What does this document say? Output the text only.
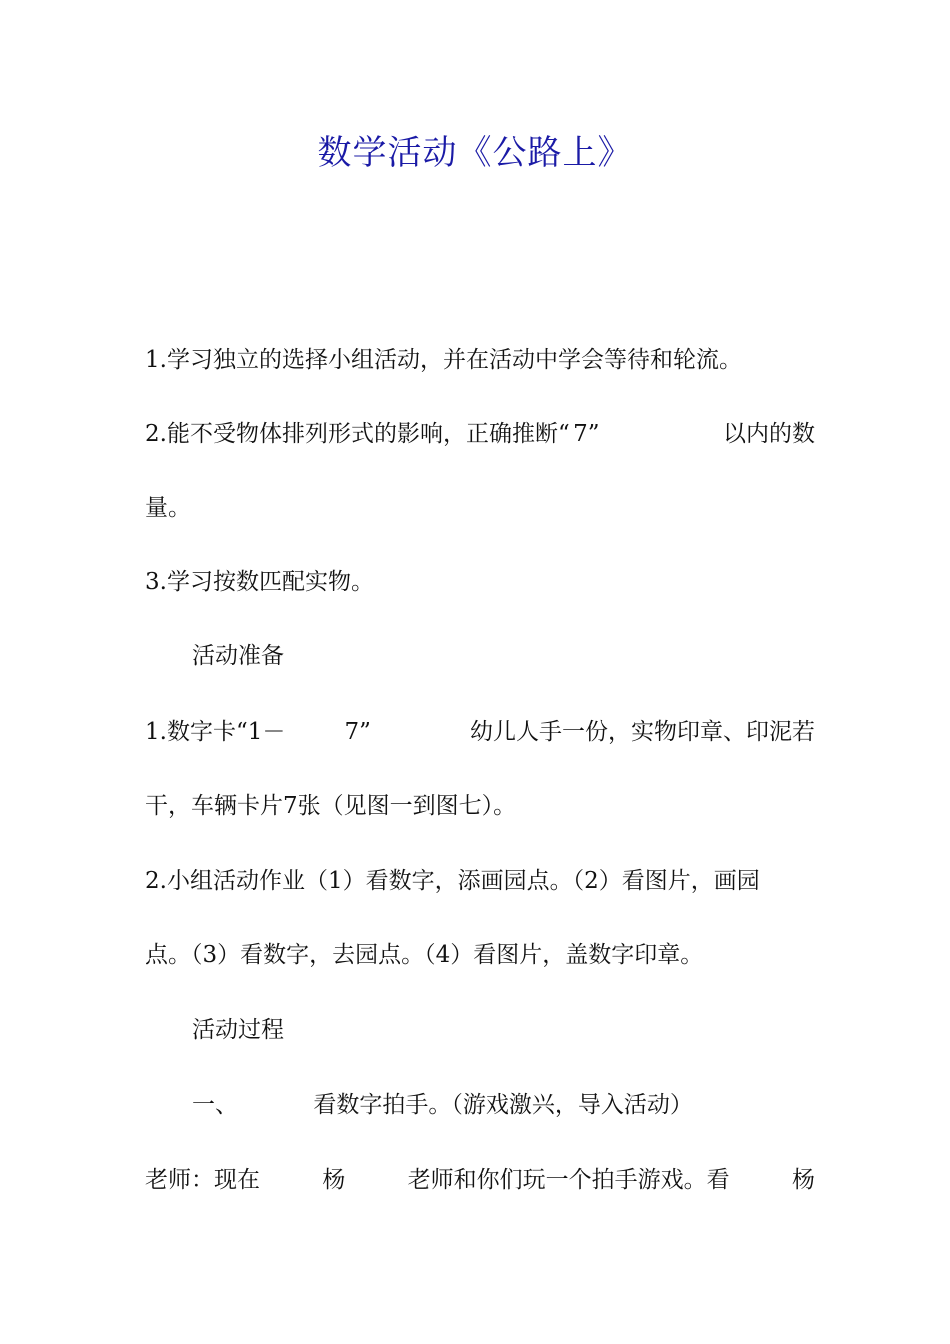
数学活动《公路上》
1.学习独立的选择小组活动，并在活动中学会等待和轮流。
2.能不受物体排列形式的影响，正确推断“ 7”	以内的数
量。
3.学习按数匹配实物。
活动准备
1.数字卡“1－	7”	幼儿人手一份，实物印章、印泥若
干，车辆卡片7张（见图一到图七）。
2.小组活动作业（1）看数字，添画园点。（2）看图片，画园
点。（3）看数字，去园点。（4）看图片，盖数字印章。
活动过程
一、	看数字拍手。（游戏激兴，导入活动）
老师：现在	杨	老师和你们玩一个拍手游戏。看	杨
